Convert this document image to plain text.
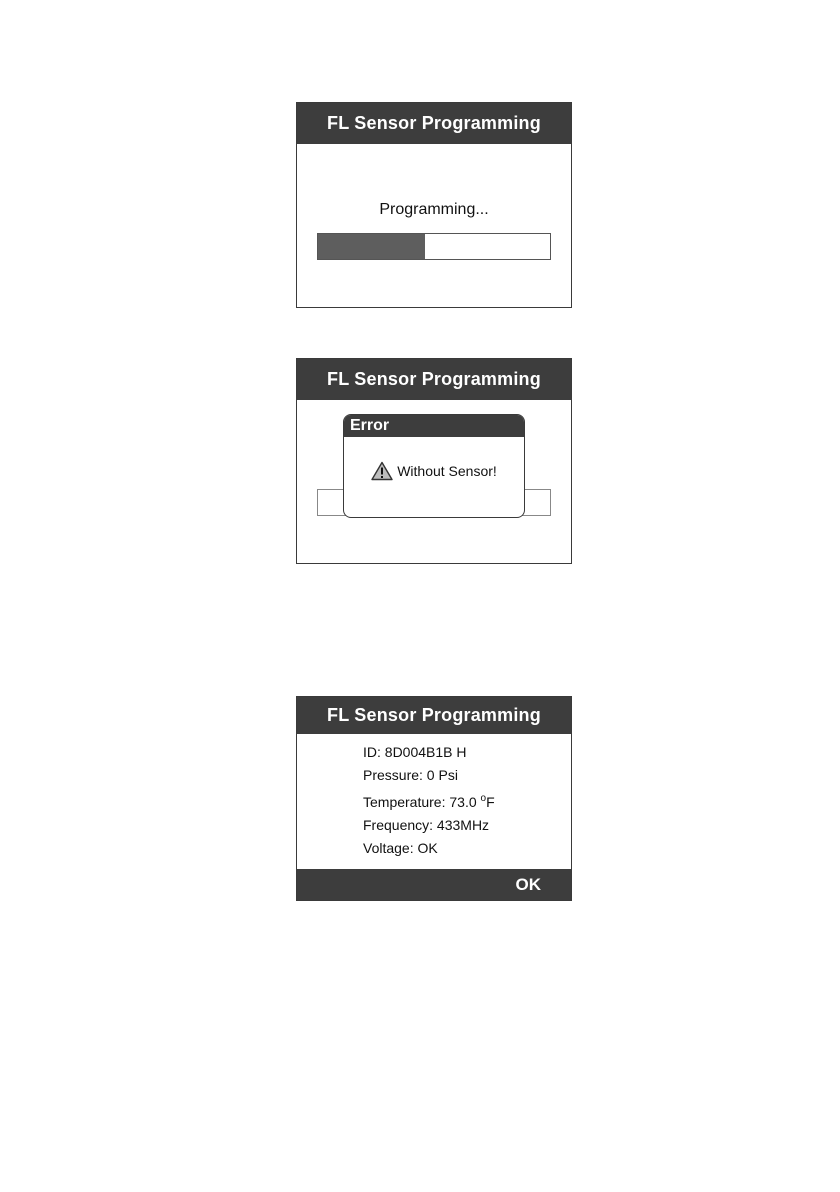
FL Sensor Programming
Programming...
FL Sensor Programming
Error
Without Sensor!
FL Sensor Programming
ID: 8D004B1B H
Pressure: 0 Psi
Temperature: 73.0 $^o$F
Frequency: 433MHz
Voltage: OK
OK
